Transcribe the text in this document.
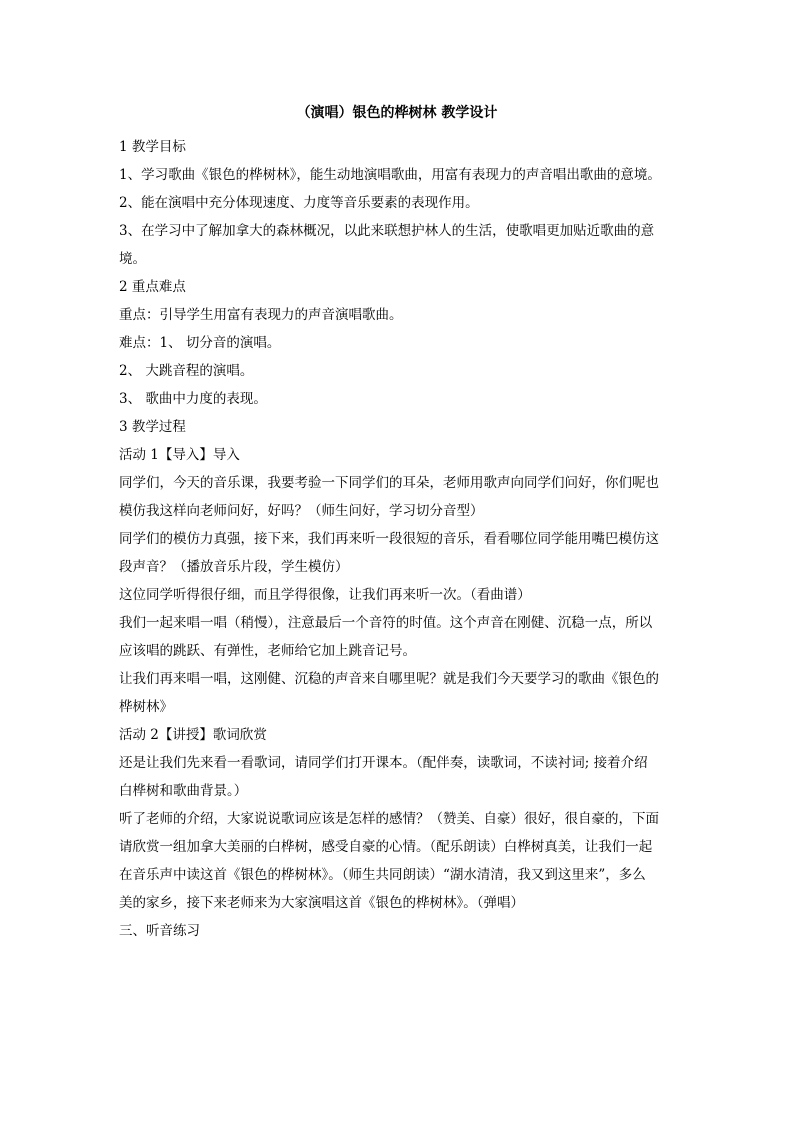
（演唱）银色的桦树林 教学设计

1 教学目标

1、学习歌曲《银色的桦树林》，能生动地演唱歌曲，用富有表现力的声音唱出歌曲的意境。

2、能在演唱中充分体现速度、力度等音乐要素的表现作用。

3、在学习中了解加拿大的森林概况，以此来联想护林人的生活，使歌唱更加贴近歌曲的意

境。

2 重点难点

重点：引导学生用富有表现力的声音演唱歌曲。

难点：1、 切分音的演唱。

2、 大跳音程的演唱。

3、 歌曲中力度的表现。

3 教学过程

活动 1【导入】导入

同学们，今天的音乐课，我要考验一下同学们的耳朵，老师用歌声向同学们问好，你们呢也

模仿我这样向老师问好，好吗？（师生问好，学习切分音型）

同学们的模仿力真强，接下来，我们再来听一段很短的音乐，看看哪位同学能用嘴巴模仿这

段声音？（播放音乐片段，学生模仿）

这位同学听得很仔细，而且学得很像，让我们再来听一次。（看曲谱）

我们一起来唱一唱（稍慢），注意最后一个音符的时值。这个声音在刚健、沉稳一点，所以

应该唱的跳跃、有弹性，老师给它加上跳音记号。

让我们再来唱一唱，这刚健、沉稳的声音来自哪里呢？就是我们今天要学习的歌曲《银色的

桦树林》

活动 2【讲授】歌词欣赏

还是让我们先来看一看歌词，请同学们打开课本。（配伴奏，读歌词，不读衬词; 接着介绍

白桦树和歌曲背景。）

听了老师的介绍，大家说说歌词应该是怎样的感情？（赞美、自豪）很好，很自豪的，下面

请欣赏一组加拿大美丽的白桦树，感受自豪的心情。（配乐朗读）白桦树真美，让我们一起

在音乐声中读这首《银色的桦树林》。（师生共同朗读）“湖水清清，我又到这里来”，多么

美的家乡，接下来老师来为大家演唱这首《银色的桦树林》。（弹唱）

三、听音练习
